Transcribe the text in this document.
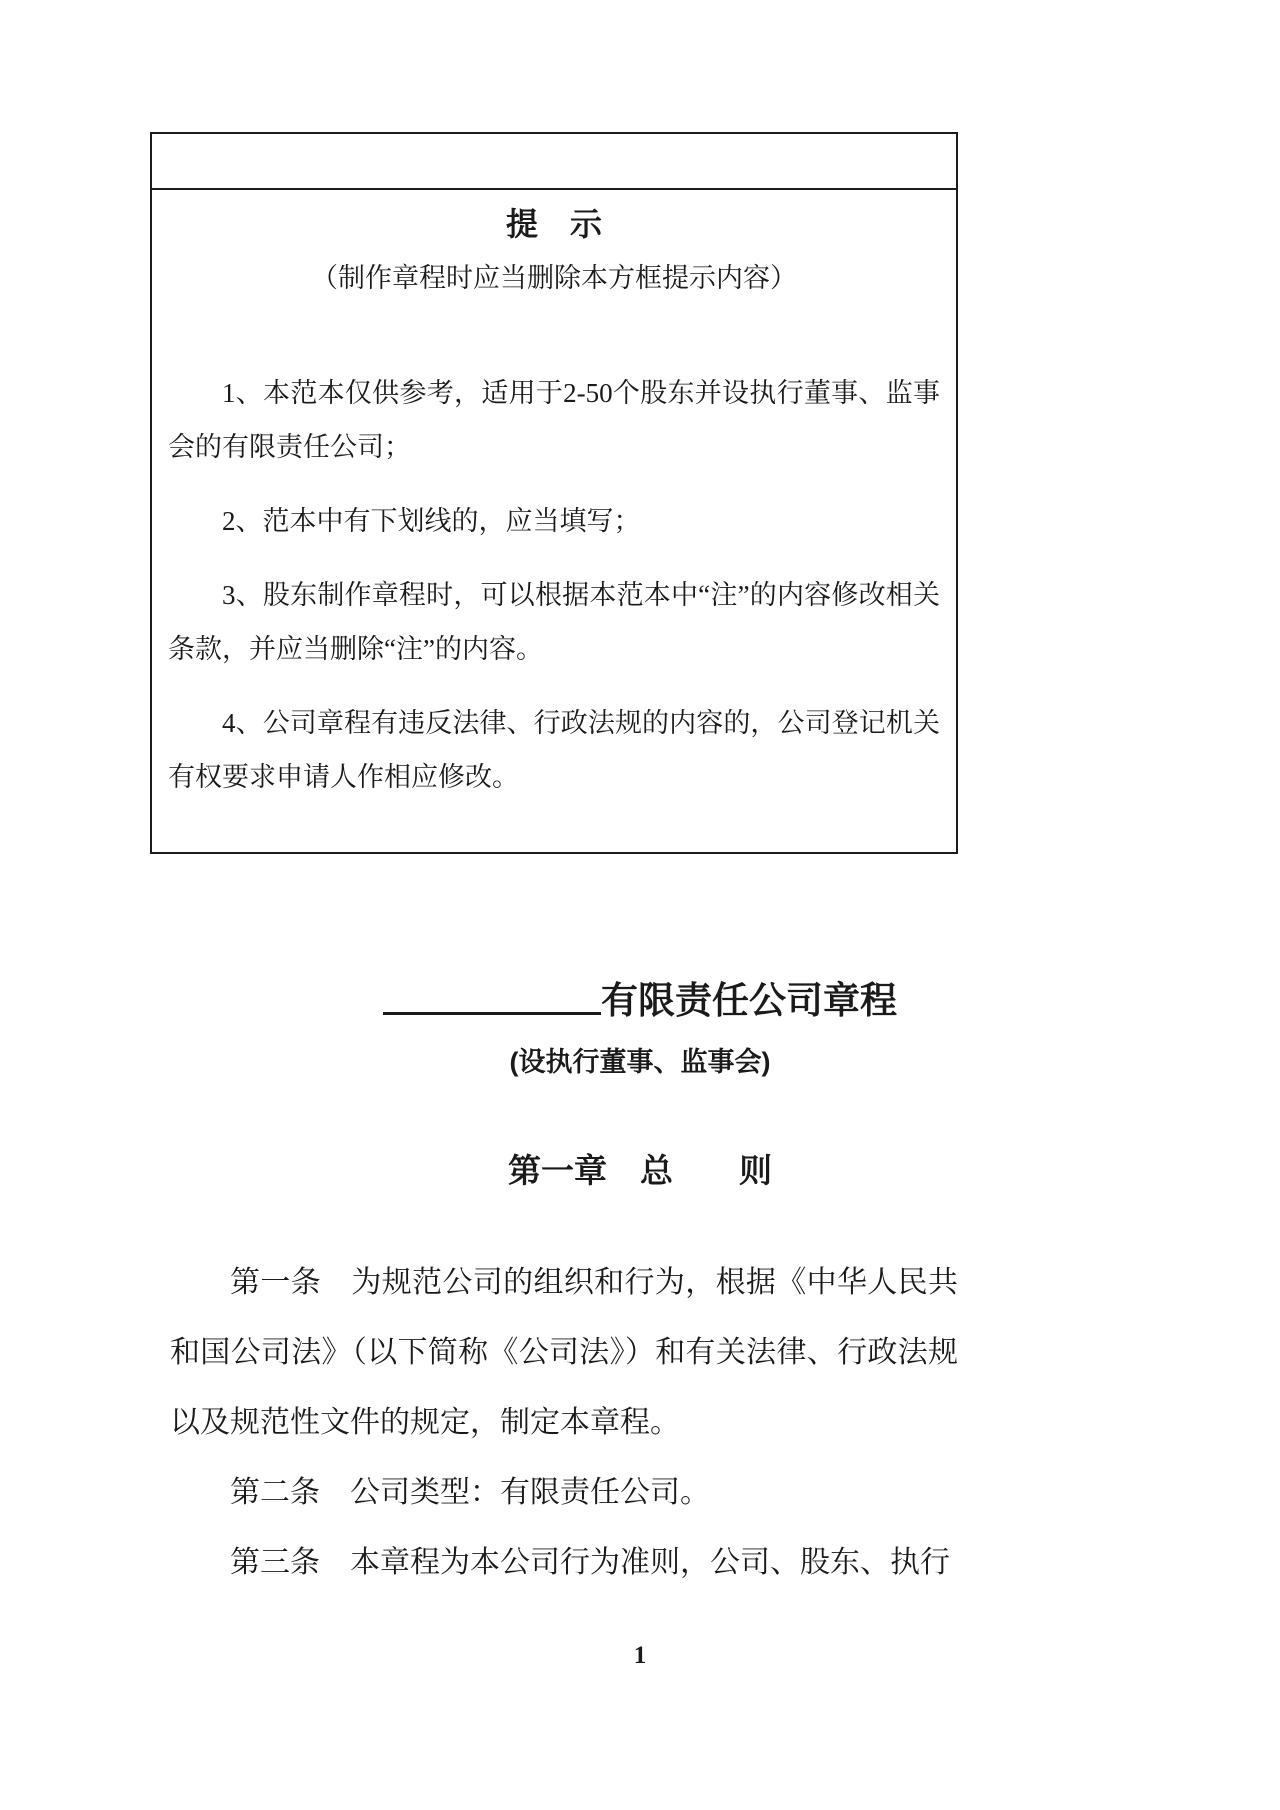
提　示
（制作章程时应当删除本方框提示内容）

1、本范本仅供参考，适用于2-50个股东并设执行董事、监事会的有限责任公司；

2、范本中有下划线的，应当填写；

3、股东制作章程时，可以根据本范本中“注”的内容修改相关条款，并应当删除“注”的内容。

4、公司章程有违反法律、行政法规的内容的，公司登记机关有权要求申请人作相应修改。

有限责任公司章程
(设执行董事、监事会)
第一章　总　　则

第一条　为规范公司的组织和行为，根据《中华人民共和国公司法》（以下简称《公司法》）和有关法律、行政法规以及规范性文件的规定，制定本章程。

第二条　公司类型：有限责任公司。

第三条　本章程为本公司行为准则，公司、股东、执行

1
